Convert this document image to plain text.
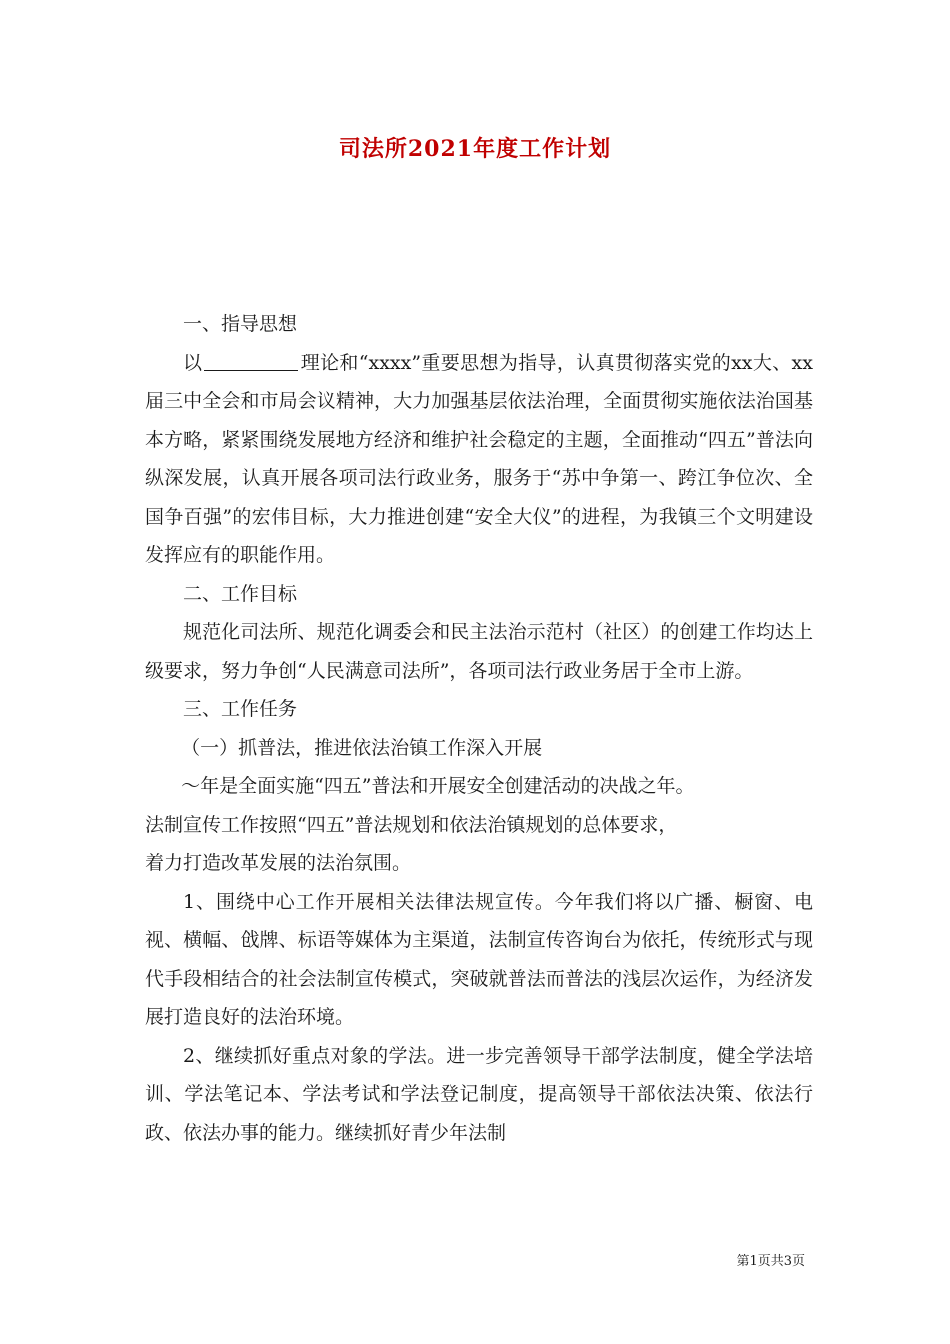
司法所2021年度工作计划

一、指导思想

以	理论和“xxxx”重要思想为指导，认真贯彻落实党的xx大、xx届三中全会和市局会议精神，大力加强基层依法治理，全面贯彻实施依法治国基本方略，紧紧围绕发展地方经济和维护社会稳定的主题，全面推动“四五”普法向纵深发展，认真开展各项司法行政业务，服务于“苏中争第一、跨江争位次、全国争百强”的宏伟目标，大力推进创建“安全大仪”的进程，为我镇三个文明建设发挥应有的职能作用。

二、工作目标

规范化司法所、规范化调委会和民主法治示范村（社区）的创建工作均达上级要求，努力争创“人民满意司法所”，各项司法行政业务居于全市上游。

三、工作任务

（一）抓普法，推进依法治镇工作深入开展

～年是全面实施“四五”普法和开展安全创建活动的决战之年。

法制宣传工作按照“四五”普法规划和依法治镇规划的总体要求，

着力打造改革发展的法治氛围。

1、围绕中心工作开展相关法律法规宣传。今年我们将以广播、橱窗、电视、横幅、戗牌、标语等媒体为主渠道，法制宣传咨询台为依托，传统形式与现代手段相结合的社会法制宣传模式，突破就普法而普法的浅层次运作，为经济发展打造良好的法治环境。

2、继续抓好重点对象的学法。进一步完善领导干部学法制度，健全学法培训、学法笔记本、学法考试和学法登记制度，提高领导干部依法决策、依法行政、依法办事的能力。继续抓好青少年法制

第1页共3页
